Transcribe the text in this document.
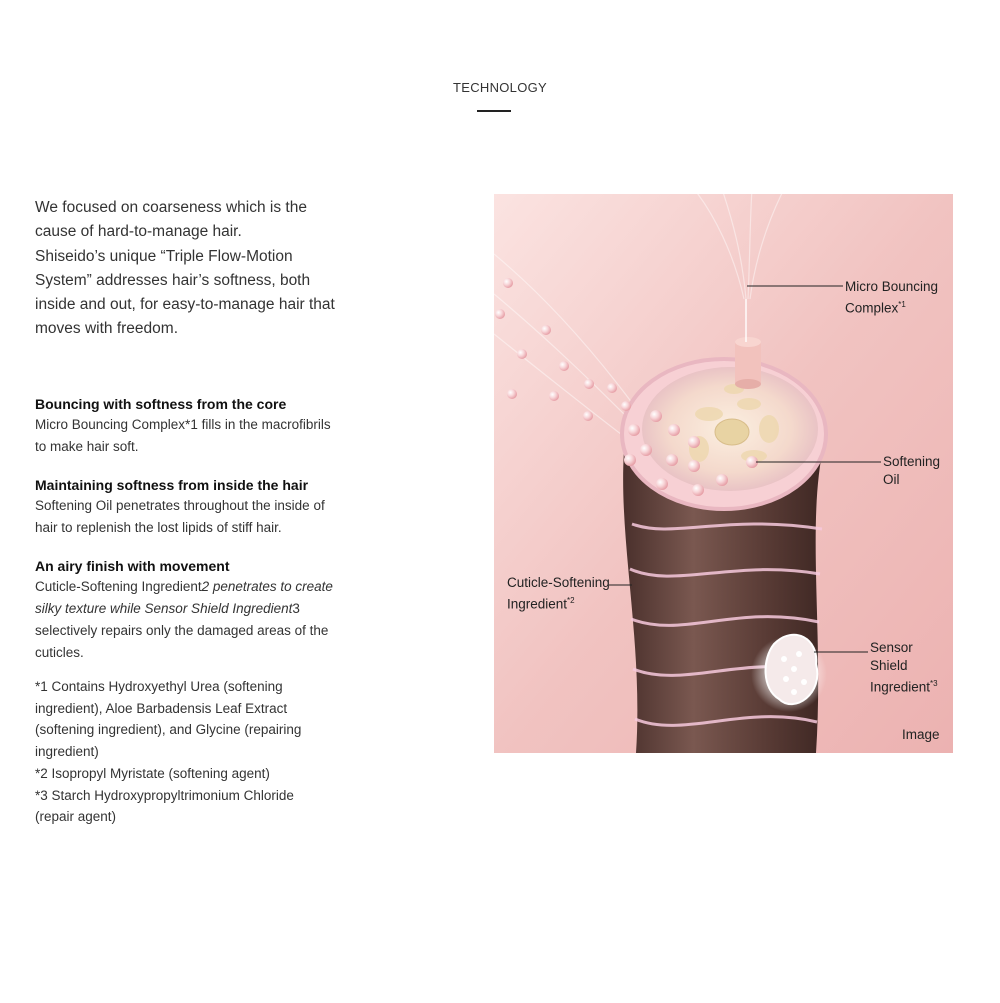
TECHNOLOGY

We focused on coarseness which is the cause of hard-to-manage hair.
Shiseido’s unique “Triple Flow-Motion System” addresses hair’s softness, both inside and out, for easy-to-manage hair that moves with freedom.

Bouncing with softness from the core

Micro Bouncing Complex*1 fills in the macrofibrils to make hair soft.

Maintaining softness from inside the hair

Softening Oil penetrates throughout the inside of hair to replenish the lost lipids of stiff hair.

An airy finish with movement

Cuticle-Softening Ingredient2 penetrates to create silky texture while Sensor Shield Ingredient3 selectively repairs only the damaged areas of the cuticles.

*1 Contains Hydroxyethyl Urea (softening ingredient), Aloe Barbadensis Leaf Extract (softening ingredient), and Glycine (repairing ingredient)
*2 Isopropyl Myristate (softening agent)
*3 Starch Hydroxypropyltrimonium Chloride (repair agent)
Micro Bouncing
Complex$^{*1}$
Softening
Oil
Cuticle-Softening
Ingredient$^{*2}$
Sensor
Shield
Ingredient$^{*3}$
Image
